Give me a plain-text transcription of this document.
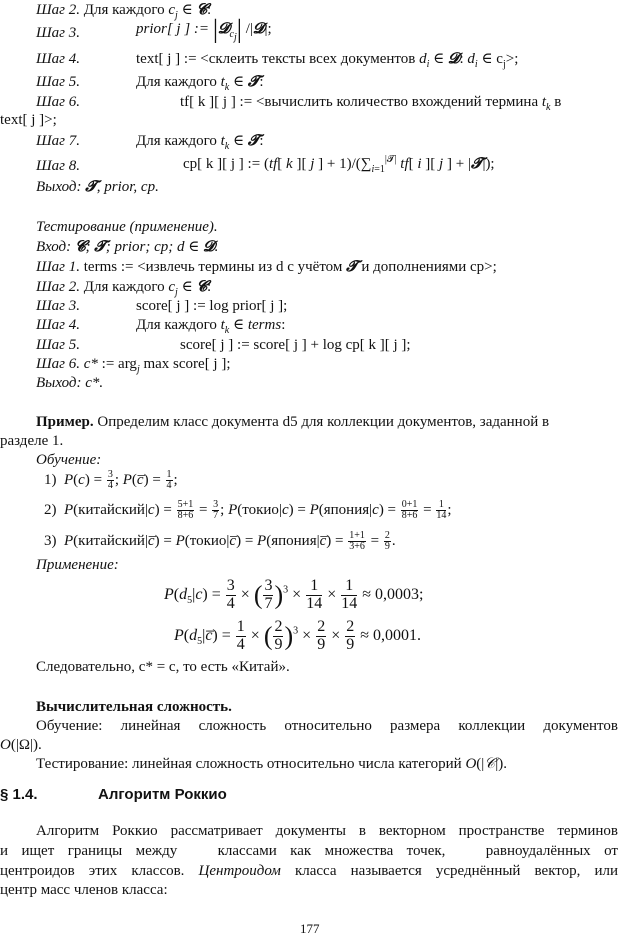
Шаг 2. Для каждого $c_j$ ∈ 𝓒:
Шаг 3.	prior[ j ] := |𝓓$_{c_j}$| /|𝓓|;
Шаг 4.	text[ j ] := <склеить тексты всех документов $d_i$ ∈ 𝓓: $d_i$ ∈ $c_j>$;
Шаг 5.	Для каждого $t_k$ ∈ 𝓣:
Шаг 6.	tf[ k ][ j ] := <вычислить количество вхождений термина $t_k$ в
text[ j ]>;
Шаг 7.	Для каждого $t_k$ ∈ 𝓣:
Шаг 8.	cp[ k ][ j ] := (tf[ k ][ j ] + $1)/(\sum_{i=1}^{|𝓣|}$ tf[ i ][ j ] + |𝓣|);
Выход: 𝓣, prior, cp.
Тестирование (применение).
Вход: 𝓒; 𝓣; prior; cp; d ∈ 𝓓.
Шаг 1. terms := <извлечь термины из d с учётом 𝓣 и дополнениями cp>;
Шаг 2. Для каждого $c_j$ ∈ 𝓒:
Шаг 3.	score[ j ] := log prior[ j ];
Шаг 4.	Для каждого $t_k$ ∈ terms:
Шаг 5.	score[ j ] := score[ j ] + log cp[ k ][ j ];
Шаг 6. c* := arg$_j$ max score[ j ];
Выход: c*.
Пример. Определим класс документа d5 для коллекции документов, заданной в
разделе 1.
Обучение:
1)  $P(c) = \frac{3}{4}$ ; P(c̅) = $\frac{1}{4}$ ;
2)  P(китайский|c) = $\frac{5+1}{8+6} = \frac{3}{7}$ ; P(токио|c) = P(япония|c) = $\frac{0+1}{8+6} = \frac{1}{14}$ ;
3)  P(китайский|c̅) = P(токио|c̅) = P(япония|c̅) = $\frac{1+1}{3+6} = \frac{2}{9}$ .
Применение:
$P(d_5|c) = \frac{3}{4}$ × ( $\frac{3}{7} )^3 \times \frac{1}{14} \times \frac{1}{14} \approx 0,0003$;
$P(d_5|c̅) = \frac{1}{4}$ × ( $\frac{2}{9} )^3 \times \frac{2}{9} \times \frac{2}{9} \approx 0,0001$.
Следовательно, c* = c, то есть «Китай».
Вычислительная сложность.
Обучение: линейная сложность относительно размера коллекции документов
O(|Ω|).
Тестирование: линейная сложность относительно числа категорий O(|𝒞|).
§ 1.4.	Алгоритм Роккио
Алгоритм Роккио рассматривает документы в векторном пространстве терминов
и ищет границы между   классами как множества точек,   равноудалённых от
центроидов этих классов. Центроидом класса называется усреднённый вектор, или
центр масс членов класса:
177
